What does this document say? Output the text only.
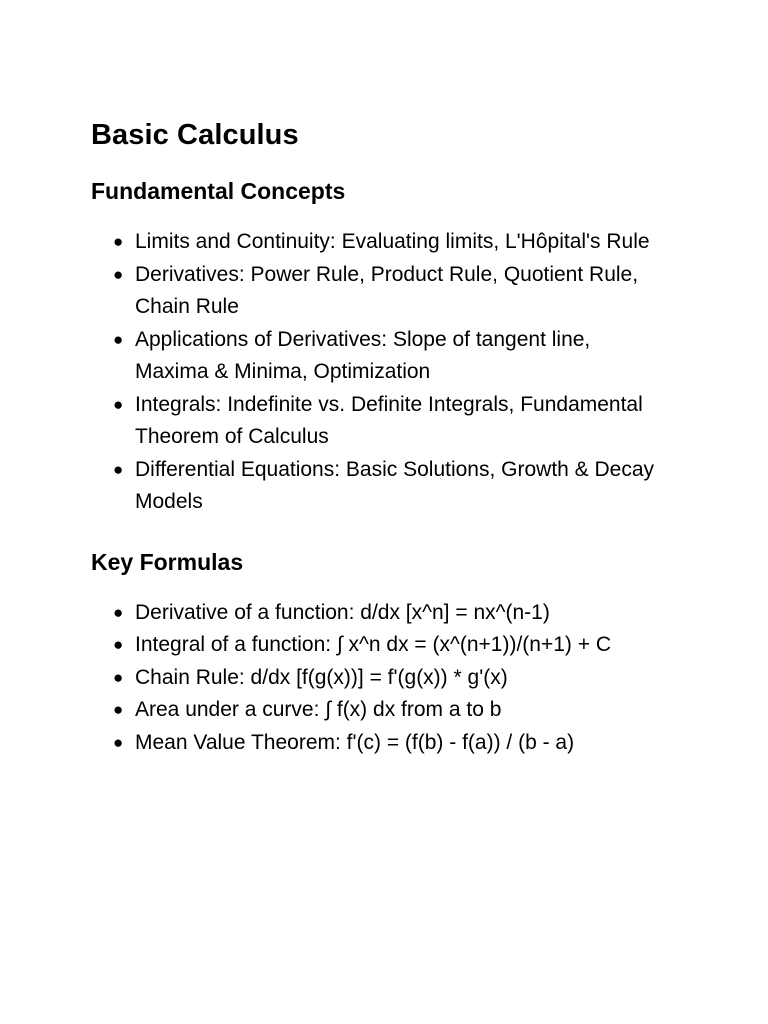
Basic Calculus
Fundamental Concepts
● Limits and Continuity: Evaluating limits, L'Hôpital's Rule
● Derivatives: Power Rule, Product Rule, Quotient Rule, Chain Rule
● Applications of Derivatives: Slope of tangent line, Maxima & Minima, Optimization
● Integrals: Indefinite vs. Definite Integrals, Fundamental Theorem of Calculus
● Differential Equations: Basic Solutions, Growth & Decay Models
Key Formulas
● Derivative of a function: d/dx [x^n] = nx^(n-1)
● Integral of a function: ∫ x^n dx = (x^(n+1))/(n+1) + C
● Chain Rule: d/dx [f(g(x))] = f'(g(x)) * g'(x)
● Area under a curve: ∫ f(x) dx from a to b
● Mean Value Theorem: f'(c) = (f(b) - f(a)) / (b - a)
